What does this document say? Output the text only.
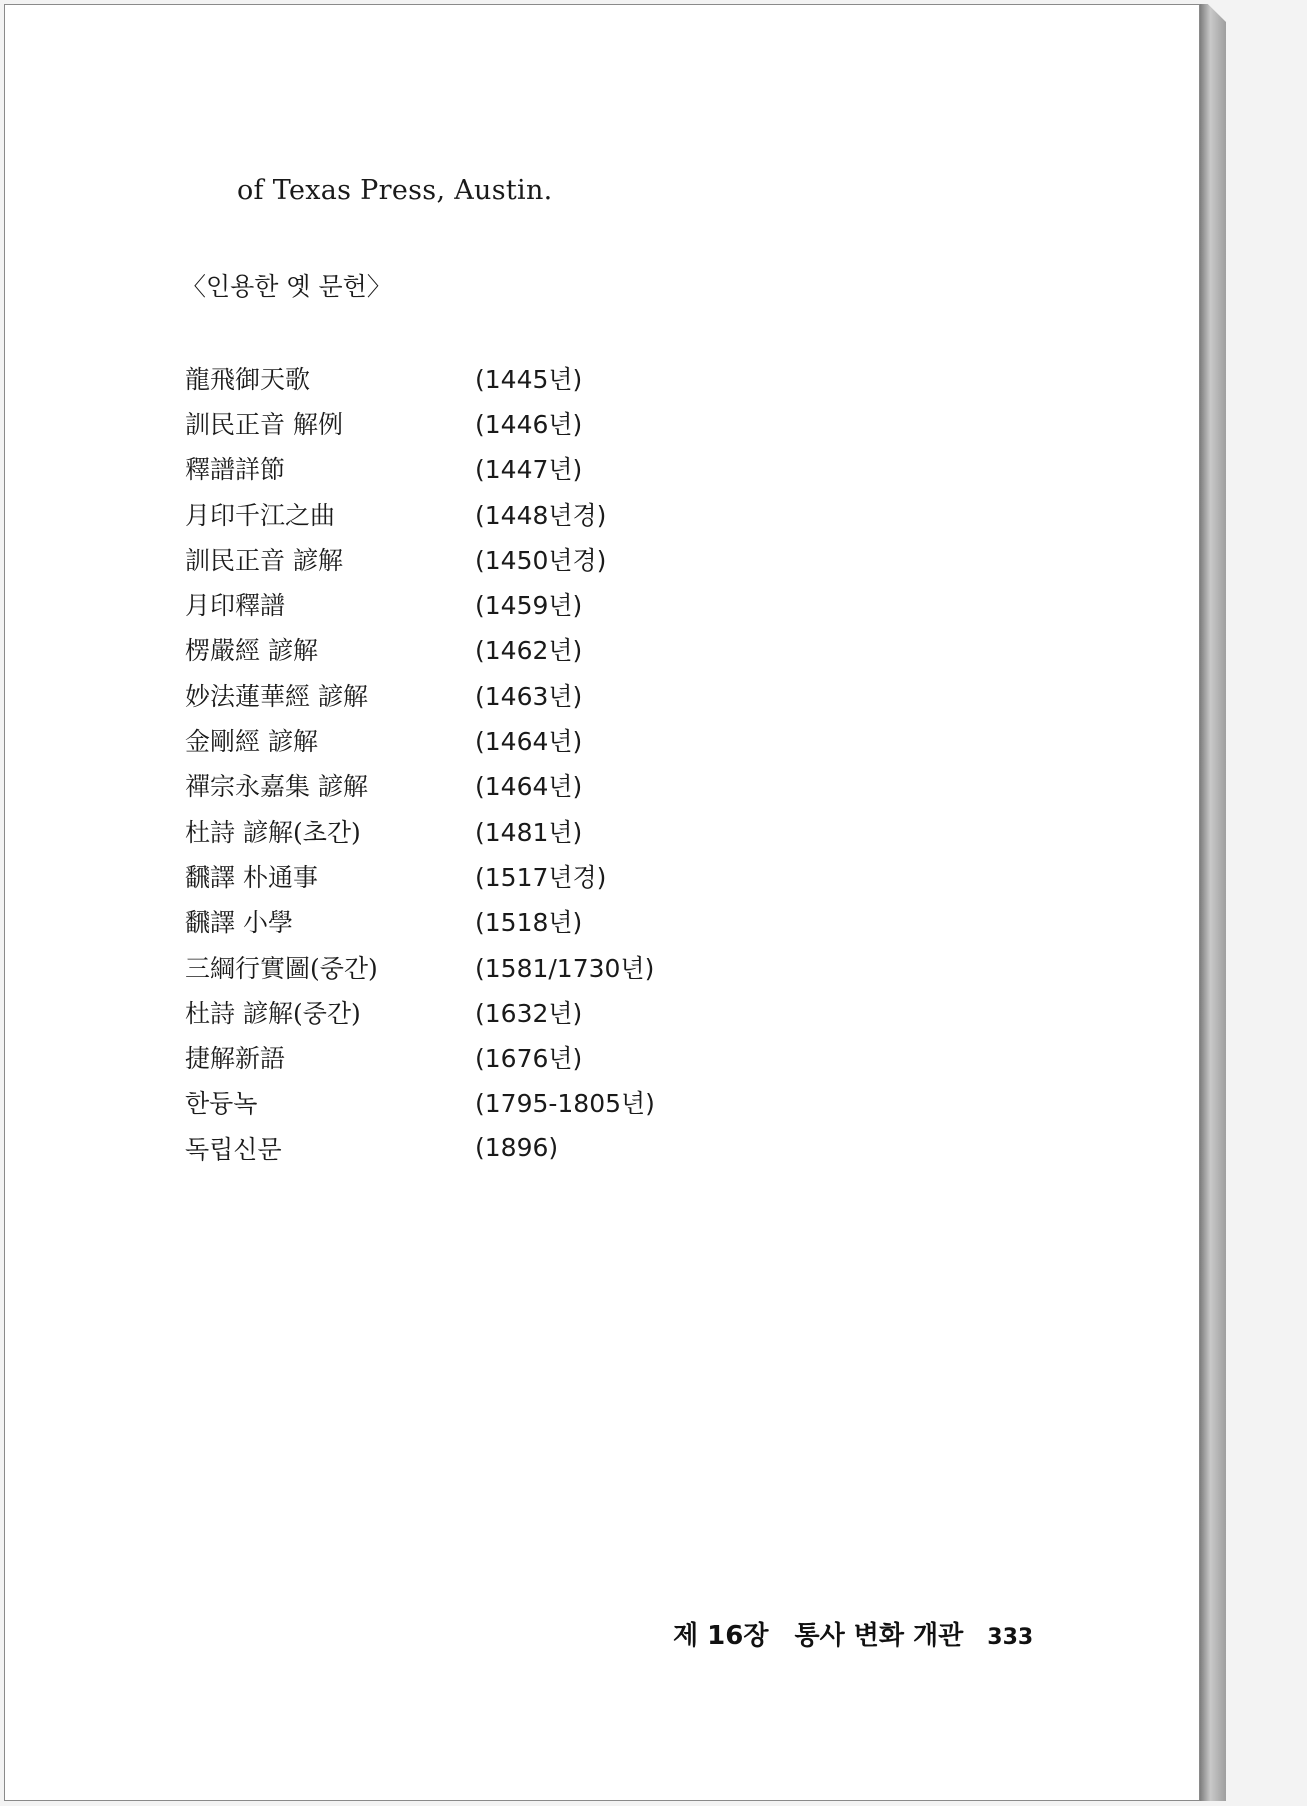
of Texas Press, Austin.
〈인용한 옛 문헌〉
龍飛御天歌	(1445년)
訓民正音 解例	(1446년)
釋譜詳節	(1447년)
月印千江之曲	(1448년경)
訓民正音 諺解	(1450년경)
月印釋譜	(1459년)
楞嚴經 諺解	(1462년)
妙法蓮華經 諺解	(1463년)
金剛經 諺解	(1464년)
禪宗永嘉集 諺解	(1464년)
杜詩 諺解(초간)	(1481년)
飜譯 朴通事	(1517년경)
飜譯 小學	(1518년)
三綱行實圖(중간)	(1581/1730년)
杜詩 諺解(중간)	(1632년)
捷解新語	(1676년)
한듕녹	(1795-1805년)
독립신문	(1896)
제 16장 통사 변화 개관 333
